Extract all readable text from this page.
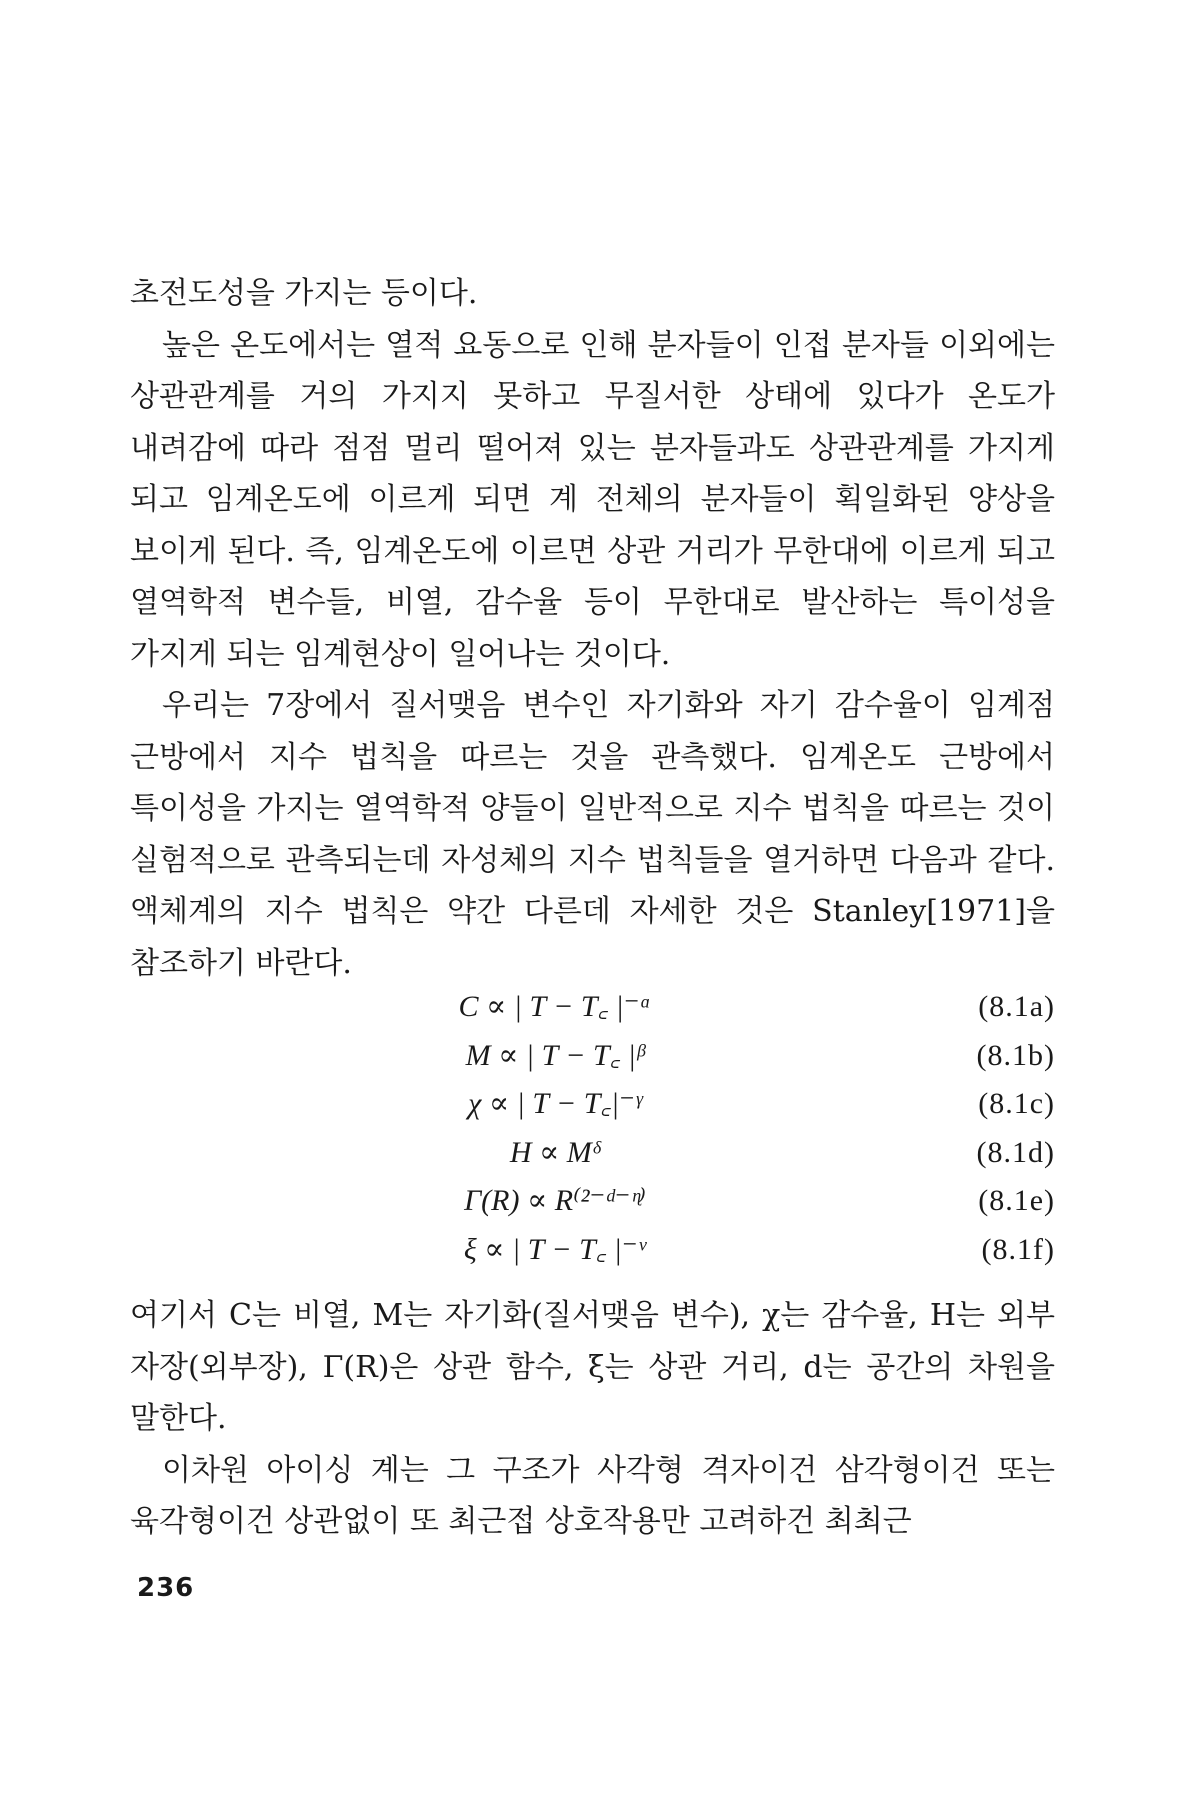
초전도성을 가지는 등이다.

높은 온도에서는 열적 요동으로 인해 분자들이 인접 분자들 이외에는 상관관계를 거의 가지지 못하고 무질서한 상태에 있다가 온도가 내려감에 따라 점점 멀리 떨어져 있는 분자들과도 상관관계를 가지게 되고 임계온도에 이르게 되면 계 전체의 분자들이 획일화된 양상을 보이게 된다. 즉, 임계온도에 이르면 상관 거리가 무한대에 이르게 되고 열역학적 변수들, 비열, 감수율 등이 무한대로 발산하는 특이성을 가지게 되는 임계현상이 일어나는 것이다.

우리는 7장에서 질서맺음 변수인 자기화와 자기 감수율이 임계점 근방에서 지수 법칙을 따르는 것을 관측했다. 임계온도 근방에서 특이성을 가지는 열역학적 양들이 일반적으로 지수 법칙을 따르는 것이 실험적으로 관측되는데 자성체의 지수 법칙들을 열거하면 다음과 같다. 액체계의 지수 법칙은 약간 다른데 자세한 것은 Stanley[1971]을 참조하기 바란다.

C ∝ | T − T꜀ |⁻ᵅ	(8.1a)
M ∝ | T − T꜀ |ᵝ	(8.1b)
χ ∝ | T − T꜀|⁻ᵞ	(8.1c)
H ∝ Mᵟ	(8.1d)
Γ(R) ∝ R⁽²⁻ᵈ⁻ᶯ⁾	(8.1e)
ξ ∝ | T − T꜀ |⁻ᵛ	(8.1f)

여기서 C는 비열, M는 자기화(질서맺음 변수), χ는 감수율, H는 외부 자장(외부장), Γ(R)은 상관 함수, ξ는 상관 거리, d는 공간의 차원을 말한다.

이차원 아이싱 계는 그 구조가 사각형 격자이건 삼각형이건 또는 육각형이건 상관없이 또 최근접 상호작용만 고려하건 최최근

236
